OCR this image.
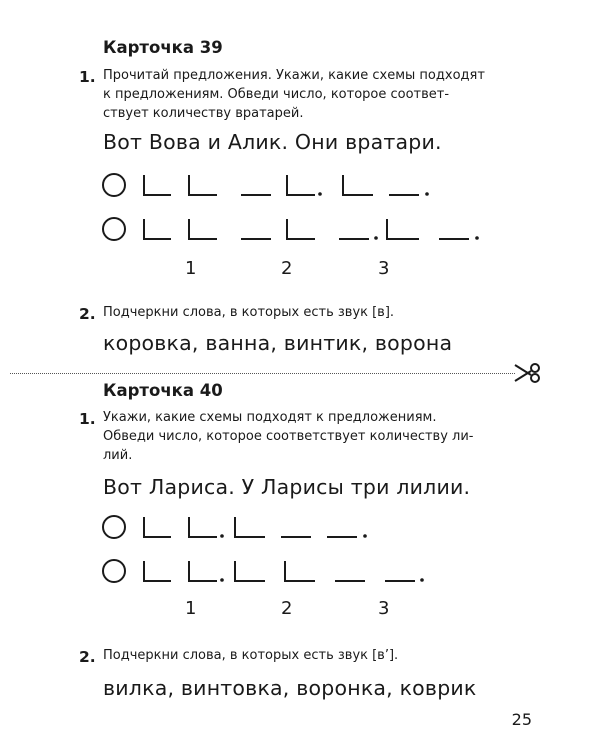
Карточка 39
1. Прочитай предложения. Укажи, какие схемы подходят
к предложениям. Обведи число, которое соответ-
ствует количеству вратарей.
Вот Вова и Алик. Они вратари.
1	2	3
2. Подчеркни слова, в которых есть звук [в].
коровка, ванна, винтик, ворона
Карточка 40
1. Укажи, какие схемы подходят к предложениям.
Обведи число, которое соответствует количеству ли-
лий.
Вот Лариса. У Ларисы три лилии.
1	2	3
2. Подчеркни слова, в которых есть звук [в’].
вилка, винтовка, воронка, коврик
25
